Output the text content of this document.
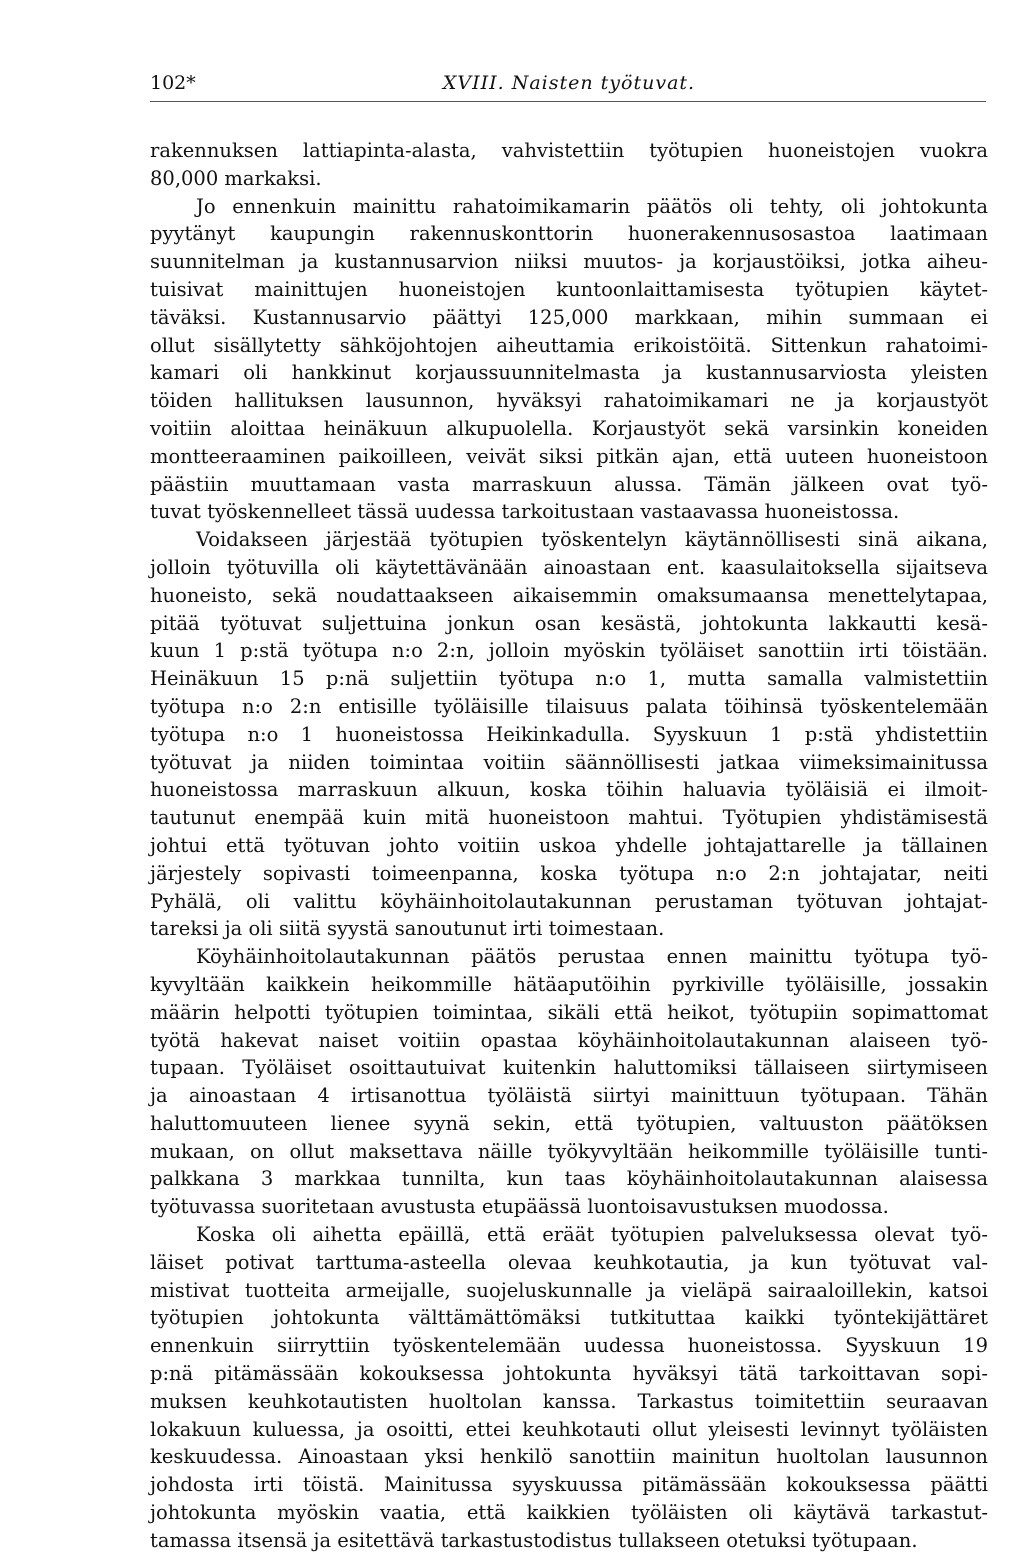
102*	XVIII. Naisten työtuvat.

rakennuksen lattiapinta-alasta, vahvistettiin työtupien huoneistojen vuokra
80,000 markaksi.

Jo ennenkuin mainittu rahatoimikamarin päätös oli tehty, oli johtokunta
pyytänyt kaupungin rakennuskonttorin huonerakennusosastoa laatimaan
suunnitelman ja kustannusarvion niiksi muutos- ja korjaustöiksi, jotka aiheu-
tuisivat mainittujen huoneistojen kuntoonlaittamisesta työtupien käytet-
täväksi. Kustannusarvio päättyi 125,000 markkaan, mihin summaan ei
ollut sisällytetty sähköjohtojen aiheuttamia erikoistöitä. Sittenkun rahatoimi-
kamari oli hankkinut korjaussuunnitelmasta ja kustannusarviosta yleisten
töiden hallituksen lausunnon, hyväksyi rahatoimikamari ne ja korjaustyöt
voitiin aloittaa heinäkuun alkupuolella. Korjaustyöt sekä varsinkin koneiden
montteeraaminen paikoilleen, veivät siksi pitkän ajan, että uuteen huoneistoon
päästiin muuttamaan vasta marraskuun alussa. Tämän jälkeen ovat työ-
tuvat työskennelleet tässä uudessa tarkoitustaan vastaavassa huoneistossa.

Voidakseen järjestää työtupien työskentelyn käytännöllisesti sinä aikana,
jolloin työtuvilla oli käytettävänään ainoastaan ent. kaasulaitoksella sijaitseva
huoneisto, sekä noudattaakseen aikaisemmin omaksumaansa menettelytapaa,
pitää työtuvat suljettuina jonkun osan kesästä, johtokunta lakkautti kesä-
kuun 1 p:stä työtupa n:o 2:n, jolloin myöskin työläiset sanottiin irti töistään.
Heinäkuun 15 p:nä suljettiin työtupa n:o 1, mutta samalla valmistettiin
työtupa n:o 2:n entisille työläisille tilaisuus palata töihinsä työskentelemään
työtupa n:o 1 huoneistossa Heikinkadulla. Syyskuun 1 p:stä yhdistettiin
työtuvat ja niiden toimintaa voitiin säännöllisesti jatkaa viimeksimainitussa
huoneistossa marraskuun alkuun, koska töihin haluavia työläisiä ei ilmoit-
tautunut enempää kuin mitä huoneistoon mahtui. Työtupien yhdistämisestä
johtui että työtuvan johto voitiin uskoa yhdelle johtajattarelle ja tällainen
järjestely sopivasti toimeenpanna, koska työtupa n:o 2:n johtajatar, neiti
Pyhälä, oli valittu köyhäinhoitolautakunnan perustaman työtuvan johtajat-
tareksi ja oli siitä syystä sanoutunut irti toimestaan.

Köyhäinhoitolautakunnan päätös perustaa ennen mainittu työtupa työ-
kyvyltään kaikkein heikommille hätäaputöihin pyrkiville työläisille, jossakin
määrin helpotti työtupien toimintaa, sikäli että heikot, työtupiin sopimattomat
työtä hakevat naiset voitiin opastaa köyhäinhoitolautakunnan alaiseen työ-
tupaan. Työläiset osoittautuivat kuitenkin haluttomiksi tällaiseen siirtymiseen
ja ainoastaan 4 irtisanottua työläistä siirtyi mainittuun työtupaan. Tähän
haluttomuuteen lienee syynä sekin, että työtupien, valtuuston päätöksen
mukaan, on ollut maksettava näille työkyvyltään heikommille työläisille tunti-
palkkana 3 markkaa tunnilta, kun taas köyhäinhoitolautakunnan alaisessa
työtuvassa suoritetaan avustusta etupäässä luontoisavustuksen muodossa.

Koska oli aihetta epäillä, että eräät työtupien palveluksessa olevat työ-
läiset potivat tarttuma-asteella olevaa keuhkotautia, ja kun työtuvat val-
mistivat tuotteita armeijalle, suojeluskunnalle ja vieläpä sairaaloillekin, katsoi
työtupien johtokunta välttämättömäksi tutkituttaa kaikki työntekijättäret
ennenkuin siirryttiin työskentelemään uudessa huoneistossa. Syyskuun 19
p:nä pitämässään kokouksessa johtokunta hyväksyi tätä tarkoittavan sopi-
muksen keuhkotautisten huoltolan kanssa. Tarkastus toimitettiin seuraavan
lokakuun kuluessa, ja osoitti, ettei keuhkotauti ollut yleisesti levinnyt työläisten
keskuudessa. Ainoastaan yksi henkilö sanottiin mainitun huoltolan lausunnon
johdosta irti töistä. Mainitussa syyskuussa pitämässään kokouksessa päätti
johtokunta myöskin vaatia, että kaikkien työläisten oli käytävä tarkastut-
tamassa itsensä ja esitettävä tarkastustodistus tullakseen otetuksi työtupaan.
